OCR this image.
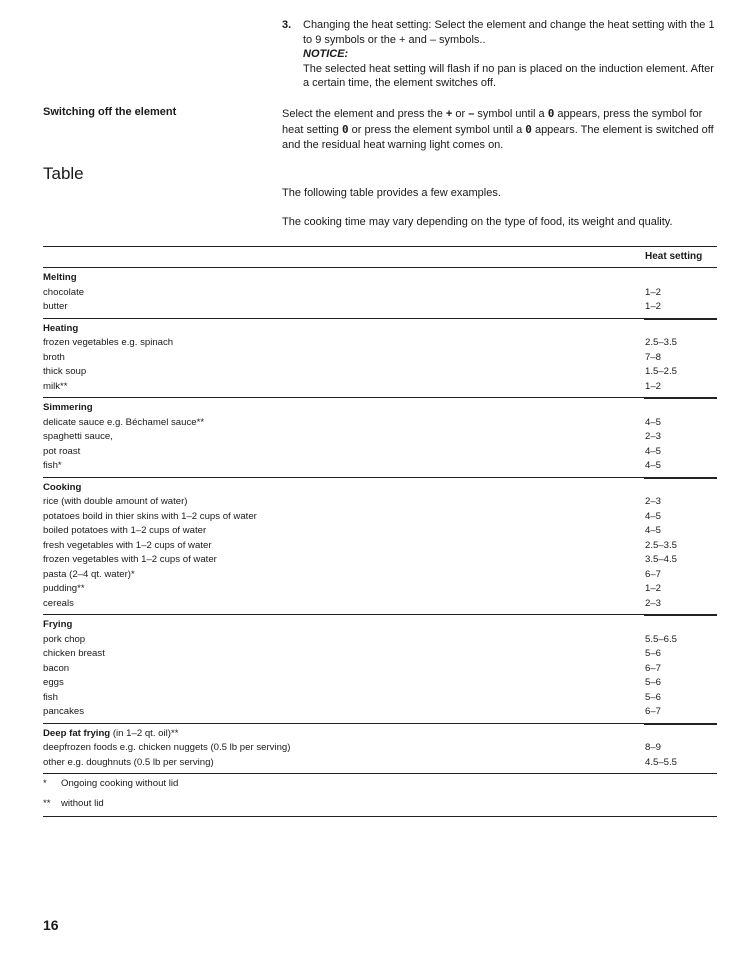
3. Changing the heat setting: Select the element and change the heat setting with the 1 to 9 symbols or the + and – symbols..
NOTICE:
The selected heat setting will flash if no pan is placed on the induction element. After a certain time, the element switches off.
Switching off the element	Select the element and press the + or – symbol until a 0 appears, press the symbol for heat setting 0 or press the element symbol until a 0 appears. The element is switched off and the residual heat warning light comes on.
Table
The following table provides a few examples.
The cooking time may vary depending on the type of food, its weight and quality.
Heat setting
Melting
chocolate	1–2
butter	1–2
Heating
frozen vegetables e.g. spinach	2.5–3.5
broth	7–8
thick soup	1.5–2.5
milk**	1–2
Simmering
delicate sauce e.g. Béchamel sauce**	4–5
spaghetti sauce,	2–3
pot roast	4–5
fish*	4–5
Cooking
rice (with double amount of water)	2–3
potatoes boild in thier skins with 1–2 cups of water	4–5
boiled potatoes with 1–2 cups of water	4–5
fresh vegetables with 1–2 cups of water	2.5–3.5
frozen vegetables with 1–2 cups of water	3.5–4.5
pasta (2–4 qt. water)*	6–7
pudding**	1–2
cereals	2–3
Frying
pork chop	5.5–6.5
chicken breast	5–6
bacon	6–7
eggs	5–6
fish	5–6
pancakes	6–7
Deep fat frying (in 1–2 qt. oil)**
deepfrozen foods e.g. chicken nuggets (0.5 lb per serving)	8–9
other e.g. doughnuts (0.5 lb per serving)	4.5–5.5
* Ongoing cooking without lid
** without lid
16
